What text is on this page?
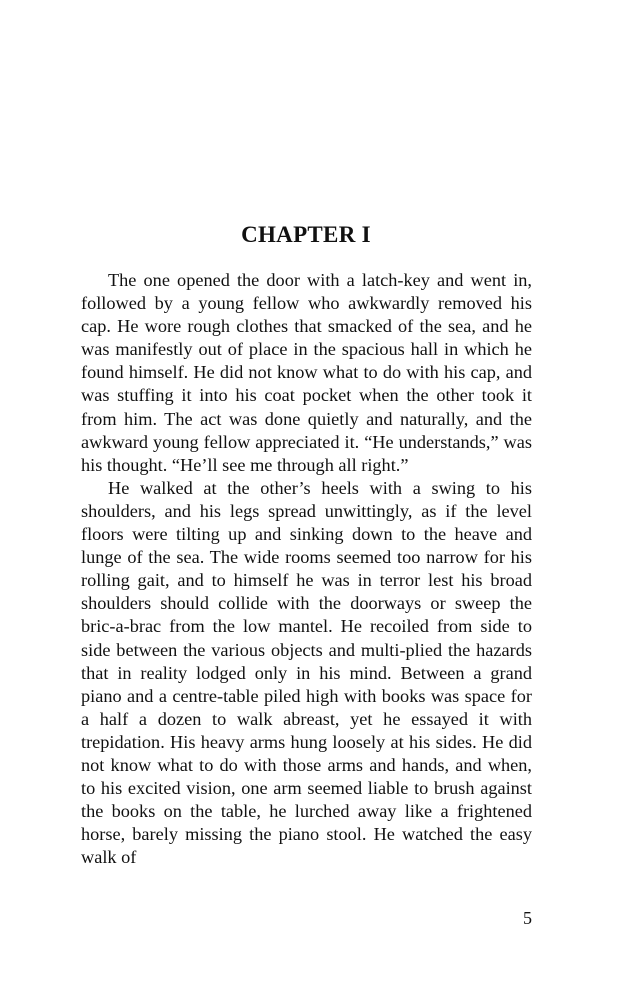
CHAPTER I

The one opened the door with a latch-key and went in, followed by a young fellow who awkwardly removed his cap. He wore rough clothes that smacked of the sea, and he was manifestly out of place in the spacious hall in which he found himself. He did not know what to do with his cap, and was stuffing it into his coat pocket when the other took it from him. The act was done quietly and naturally, and the awkward young fellow appreciated it. “He understands,” was his thought. “He’ll see me through all right.”

He walked at the other’s heels with a swing to his shoulders, and his legs spread unwittingly, as if the level floors were tilting up and sinking down to the heave and lunge of the sea. The wide rooms seemed too narrow for his rolling gait, and to himself he was in terror lest his broad shoulders should collide with the doorways or sweep the bric-a-brac from the low mantel. He recoiled from side to side between the various objects and multi-plied the hazards that in reality lodged only in his mind. Between a grand piano and a centre-table piled high with books was space for a half a dozen to walk abreast, yet he essayed it with trepidation. His heavy arms hung loosely at his sides. He did not know what to do with those arms and hands, and when, to his excited vision, one arm seemed liable to brush against the books on the table, he lurched away like a frightened horse, barely missing the piano stool. He watched the easy walk of

5
